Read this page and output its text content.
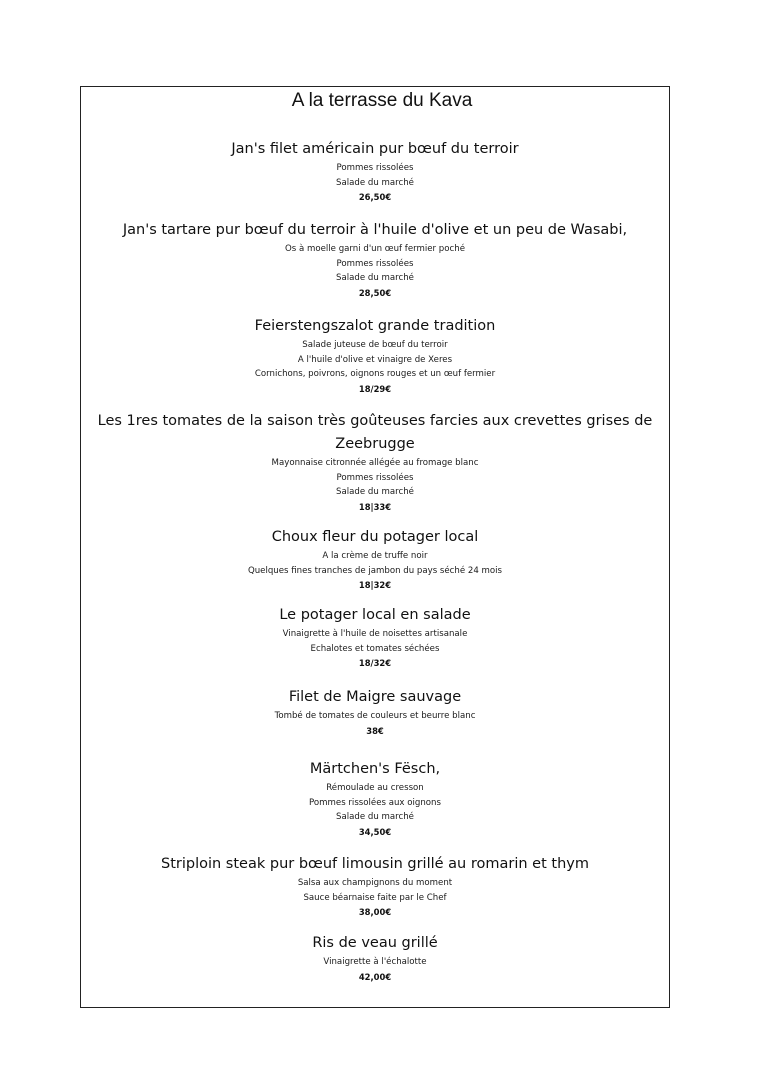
A la terrasse du Kava

Jan's filet américain pur bœuf du terroir

Pommes rissolées

Salade du marché

26,50€

Jan's tartare pur bœuf du terroir à l'huile d'olive et un peu de Wasabi,

Os à moelle garni d'un œuf fermier poché

Pommes rissolées

Salade du marché

28,50€

Feierstengszalot grande tradition

Salade juteuse de bœuf du terroir

A l'huile d'olive et vinaigre de Xeres

Cornichons, poivrons, oignons rouges et un œuf fermier

18/29€

Les 1res tomates de la saison très goûteuses farcies aux crevettes grises de Zeebrugge

Mayonnaise citronnée allégée au fromage blanc

Pommes rissolées

Salade du marché

18|33€

Choux fleur du potager local

A la crème de truffe noir

Quelques fines tranches de jambon du pays séché 24 mois

18|32€

Le potager local en salade

Vinaigrette à l'huile de noisettes artisanale

Echalotes et tomates séchées

18/32€

Filet de Maigre sauvage

Tombé de tomates de couleurs et beurre blanc

38€

Märtchen's Fësch,

Rémoulade au cresson

Pommes rissolées aux oignons

Salade du marché

34,50€

Striploin steak pur bœuf limousin grillé au romarin et thym

Salsa aux champignons du moment

Sauce béarnaise faite par le Chef

38,00€

Ris de veau grillé

Vinaigrette à l'échalotte

42,00€
